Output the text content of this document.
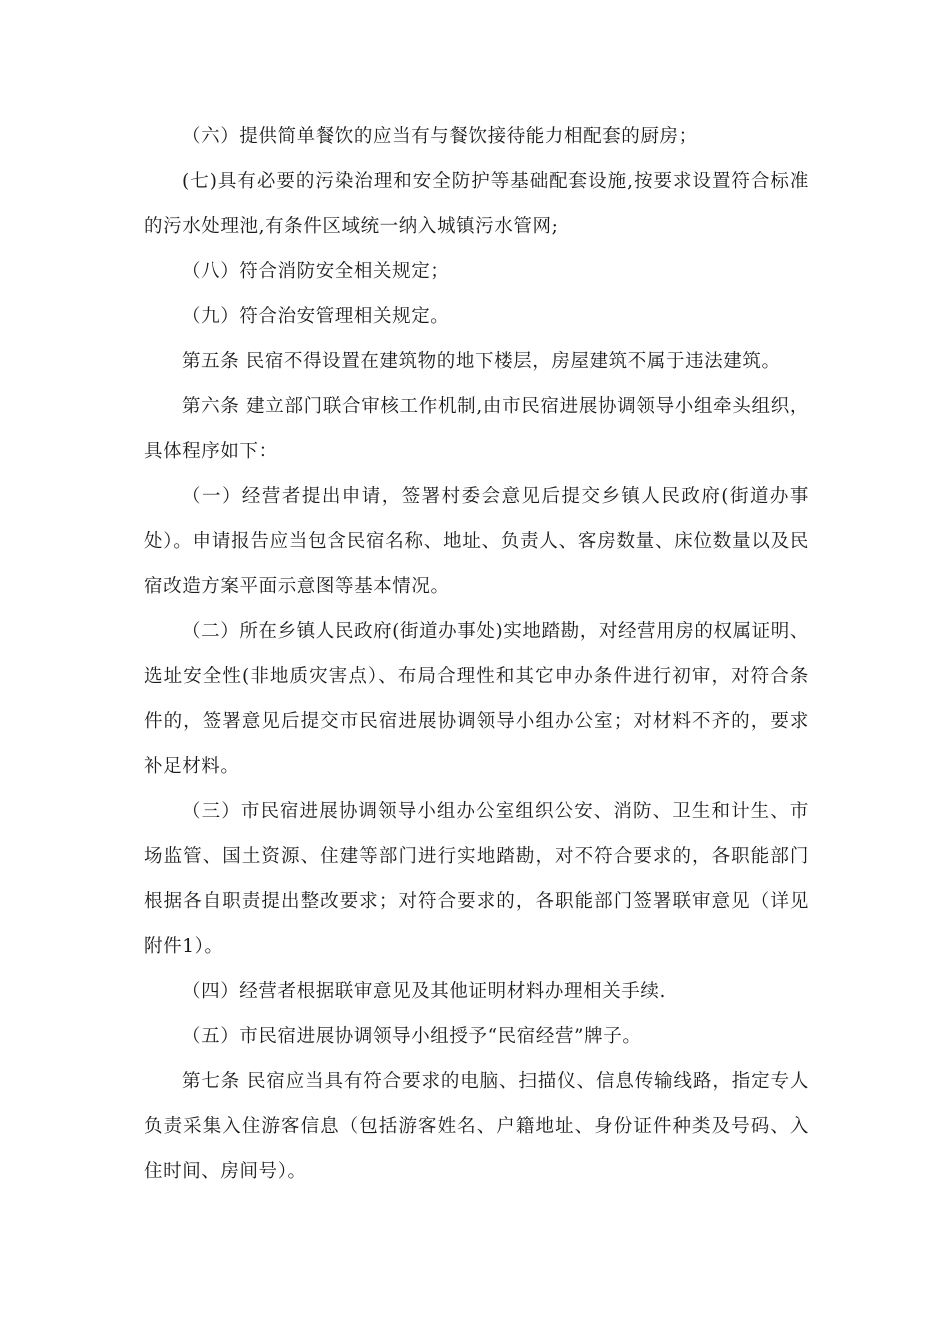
（六）提供简单餐饮的应当有与餐饮接待能力相配套的厨房；

(七)具有必要的污染治理和安全防护等基础配套设施,按要求设置符合标准的污水处理池,有条件区域统一纳入城镇污水管网;

（八）符合消防安全相关规定；

（九）符合治安管理相关规定。

第五条 民宿不得设置在建筑物的地下楼层，房屋建筑不属于违法建筑。

第六条 建立部门联合审核工作机制,由市民宿进展协调领导小组牵头组织，具体程序如下：

（一）经营者提出申请，签署村委会意见后提交乡镇人民政府(街道办事处）。申请报告应当包含民宿名称、地址、负责人、客房数量、床位数量以及民宿改造方案平面示意图等基本情况。

（二）所在乡镇人民政府(街道办事处)实地踏勘，对经营用房的权属证明、选址安全性(非地质灾害点）、布局合理性和其它申办条件进行初审，对符合条件的，签署意见后提交市民宿进展协调领导小组办公室；对材料不齐的，要求补足材料。

（三）市民宿进展协调领导小组办公室组织公安、消防、卫生和计生、市场监管、国土资源、住建等部门进行实地踏勘，对不符合要求的，各职能部门根据各自职责提出整改要求；对符合要求的，各职能部门签署联审意见（详见附件1）。

（四）经营者根据联审意见及其他证明材料办理相关手续.

（五）市民宿进展协调领导小组授予“民宿经营”牌子。

第七条 民宿应当具有符合要求的电脑、扫描仪、信息传输线路，指定专人负责采集入住游客信息（包括游客姓名、户籍地址、身份证件种类及号码、入住时间、房间号）。
